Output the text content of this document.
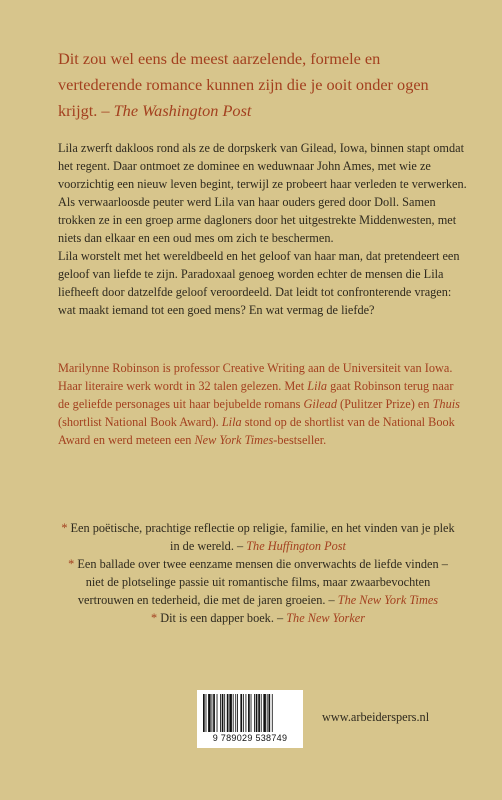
Dit zou wel eens de meest aarzelende, formele en vertederende romance kunnen zijn die je ooit onder ogen krijgt. – The Washington Post

Lila zwerft dakloos rond als ze de dorpskerk van Gilead, Iowa, binnen stapt omdat het regent. Daar ontmoet ze dominee en weduwnaar John Ames, met wie ze voorzichtig een nieuw leven begint, terwijl ze probeert haar verleden te verwerken. Als verwaarloosde peuter werd Lila van haar ouders gered door Doll. Samen trokken ze in een groep arme dagloners door het uitgestrekte Middenwesten, met niets dan elkaar en een oud mes om zich te beschermen.

Lila worstelt met het wereldbeeld en het geloof van haar man, dat pretendeert een geloof van liefde te zijn. Paradoxaal genoeg worden echter de mensen die Lila liefheeft door datzelfde geloof veroordeeld. Dat leidt tot confronterende vragen: wat maakt iemand tot een goed mens? En wat vermag de liefde?

Marilynne Robinson is professor Creative Writing aan de Universiteit van Iowa. Haar literaire werk wordt in 32 talen gelezen. Met Lila gaat Robinson terug naar de geliefde personages uit haar bejubelde romans Gilead (Pulitzer Prize) en Thuis (shortlist National Book Award). Lila stond op de shortlist van de National Book Award en werd meteen een New York Times-bestseller.

* Een poëtische, prachtige reflectie op religie, familie, en het vinden van je plek in de wereld. – The Huffington Post

* Een ballade over twee eenzame mensen die onverwachts de liefde vinden – niet de plotselinge passie uit romantische films, maar zwaarbevochten vertrouwen en tederheid, die met de jaren groeien. – The New York Times

* Dit is een dapper boek. – The New Yorker

9 789029 538749
www.arbeiderspers.nl
